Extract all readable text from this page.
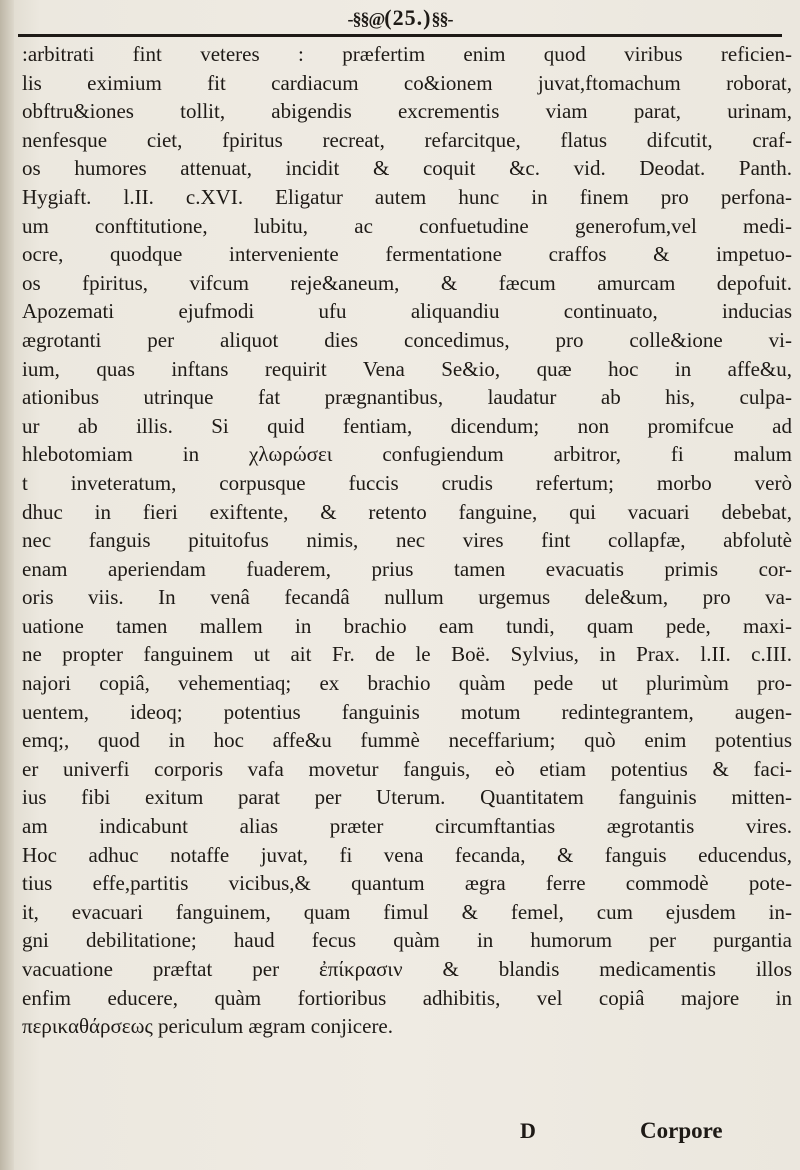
-§§@(25.)§§-
:arbitrati fint veteres : præfertim enim quod viribus reficien-
lis eximium fit cardiacum co&ionem juvat,ftomachum roborat,
obftru&iones tollit, abigendis excrementis viam parat, urinam,
nenfesque ciet, fpiritus recreat, refarcitque, flatus difcutit, craf-
os humores attenuat, incidit & coquit &c. vid. Deodat. Panth.
Hygiaft. l.II. c.XVI. Eligatur autem hunc in finem pro perfona-
um conftitutione, lubitu, ac confuetudine generofum,vel medi-
ocre, quodque interveniente fermentatione craffos & impetuo-
os fpiritus, vifcum reje&aneum, & fæcum amurcam depofuit.
Apozemati ejufmodi ufu aliquandiu continuato, inducias
ægrotanti per aliquot dies concedimus, pro colle&ione vi-
ium, quas inftans requirit Vena Se&io, quæ hoc in affe&u,
ationibus utrinque fat prægnantibus, laudatur ab his, culpa-
ur ab illis. Si quid fentiam, dicendum; non promifcue ad
hlebotomiam in χλωρώσει confugiendum arbitror, fi malum
t inveteratum, corpusque fuccis crudis refertum; morbo verò
dhuc in fieri exiftente, & retento fanguine, qui vacuari debebat,
nec fanguis pituitofus nimis, nec vires fint collapfæ, abfolutè
enam aperiendam fuaderem, prius tamen evacuatis primis cor-
oris viis. In venâ fecandâ nullum urgemus dele&um, pro va-
uatione tamen mallem in brachio eam tundi, quam pede, maxi-
ne propter fanguinem ut ait Fr. de le Boë. Sylvius, in Prax. l.II. c.III.
najori copiâ, vehementiaq; ex brachio quàm pede ut plurimùm pro-
uentem, ideoq; potentius fanguinis motum redintegrantem, augen-
emq;, quod in hoc affe&u fummè neceffarium; quò enim potentius
er univerfi corporis vafa movetur fanguis, eò etiam potentius & faci-
ius fibi exitum parat per Uterum. Quantitatem fanguinis mitten-
am indicabunt alias præter circumftantias ægrotantis vires.
Hoc adhuc notaffe juvat, fi vena fecanda, & fanguis educendus,
tius effe,partitis vicibus,& quantum ægra ferre commodè pote-
it, evacuari fanguinem, quam fimul & femel, cum ejusdem in-
gni debilitatione; haud fecus quàm in humorum per purgantia
vacuatione præftat per ἐπίκρασιν & blandis medicamentis illos
enfim educere, quàm fortioribus adhibitis, vel copiâ majore in
περικαθάρσεως periculum ægram conjicere.
D	Corpore
